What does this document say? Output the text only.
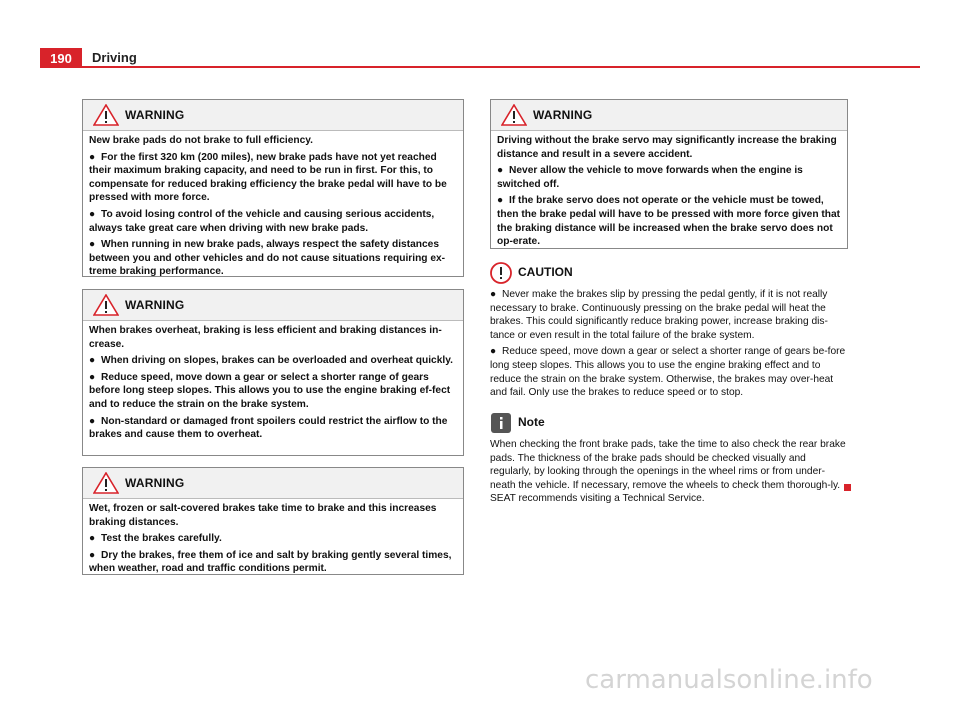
190	Driving
WARNING

New brake pads do not brake to full efficiency.

● For the first 320 km (200 miles), new brake pads have not yet reached their maximum braking capacity, and need to be run in first. For this, to compensate for reduced braking efficiency the brake pedal will have to be pressed with more force.

● To avoid losing control of the vehicle and causing serious accidents, always take great care when driving with new brake pads.

● When running in new brake pads, always respect the safety distances between you and other vehicles and do not cause situations requiring ex-treme braking performance.

WARNING

When brakes overheat, braking is less efficient and braking distances in-crease.

● When driving on slopes, brakes can be overloaded and overheat quickly.

● Reduce speed, move down a gear or select a shorter range of gears before long steep slopes. This allows you to use the engine braking ef-fect and to reduce the strain on the brake system.

● Non-standard or damaged front spoilers could restrict the airflow to the brakes and cause them to overheat.

WARNING

Wet, frozen or salt-covered brakes take time to brake and this increases braking distances.

● Test the brakes carefully.

● Dry the brakes, free them of ice and salt by braking gently several times, when weather, road and traffic conditions permit.

WARNING

Driving without the brake servo may significantly increase the braking distance and result in a severe accident.

● Never allow the vehicle to move forwards when the engine is switched off.

● If the brake servo does not operate or the vehicle must be towed, then the brake pedal will have to be pressed with more force given that the braking distance will be increased when the brake servo does not op-erate.

CAUTION

● Never make the brakes slip by pressing the pedal gently, if it is not really necessary to brake. Continuously pressing on the brake pedal will heat the brakes. This could significantly reduce braking power, increase braking dis-tance or even result in the total failure of the brake system.

● Reduce speed, move down a gear or select a shorter range of gears be-fore long steep slopes. This allows you to use the engine braking effect and to reduce the strain on the brake system. Otherwise, the brakes may over-heat and fail. Only use the brakes to reduce speed or to stop.

Note

When checking the front brake pads, take the time to also check the rear brake pads. The thickness of the brake pads should be checked visually and regularly, by looking through the openings in the wheel rims or from under-neath the vehicle. If necessary, remove the wheels to check them thorough-ly. SEAT recommends visiting a Technical Service.

carmanualsonline.info
